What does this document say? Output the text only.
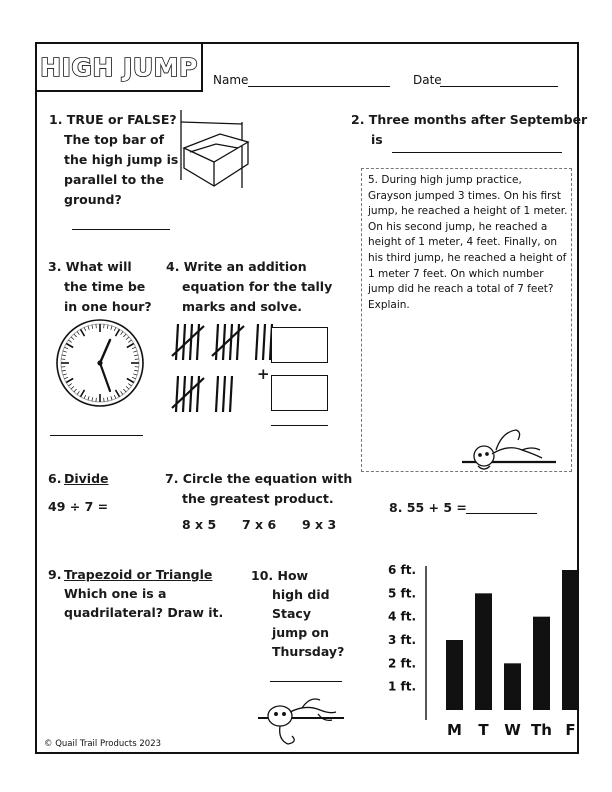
HIGH JUMP Name	Date
1. TRUE or FALSE?
The top bar of
the high jump is
parallel to the
ground?
2. Three months after September
is
5. During high jump practice, Grayson jumped 3 times. On his first jump, he reached a height of 1 meter. On his second jump, he reached a height of 1 meter, 4 feet. Finally, on his third jump, he reached a height of 1 meter 7 feet. On which number jump did he reach a total of 7 feet? Explain.
3. What will
the time be
in one hour?
4. Write an addition
equation for the tally
marks and solve.
+
6. Divide
49 ÷ 7 =
7. Circle the equation with
the greatest product.
8 x 5 7 x 6 9 x 3
8. 55 + 5 =
9. Trapezoid or Triangle
Which one is a
quadrilateral? Draw it.
10. How
high did
Stacy
jump on
Thursday?
1 ft.
2 ft.
3 ft.
4 ft.
5 ft.
6 ft.
M T W Th F
© Quail Trail Products 2023
